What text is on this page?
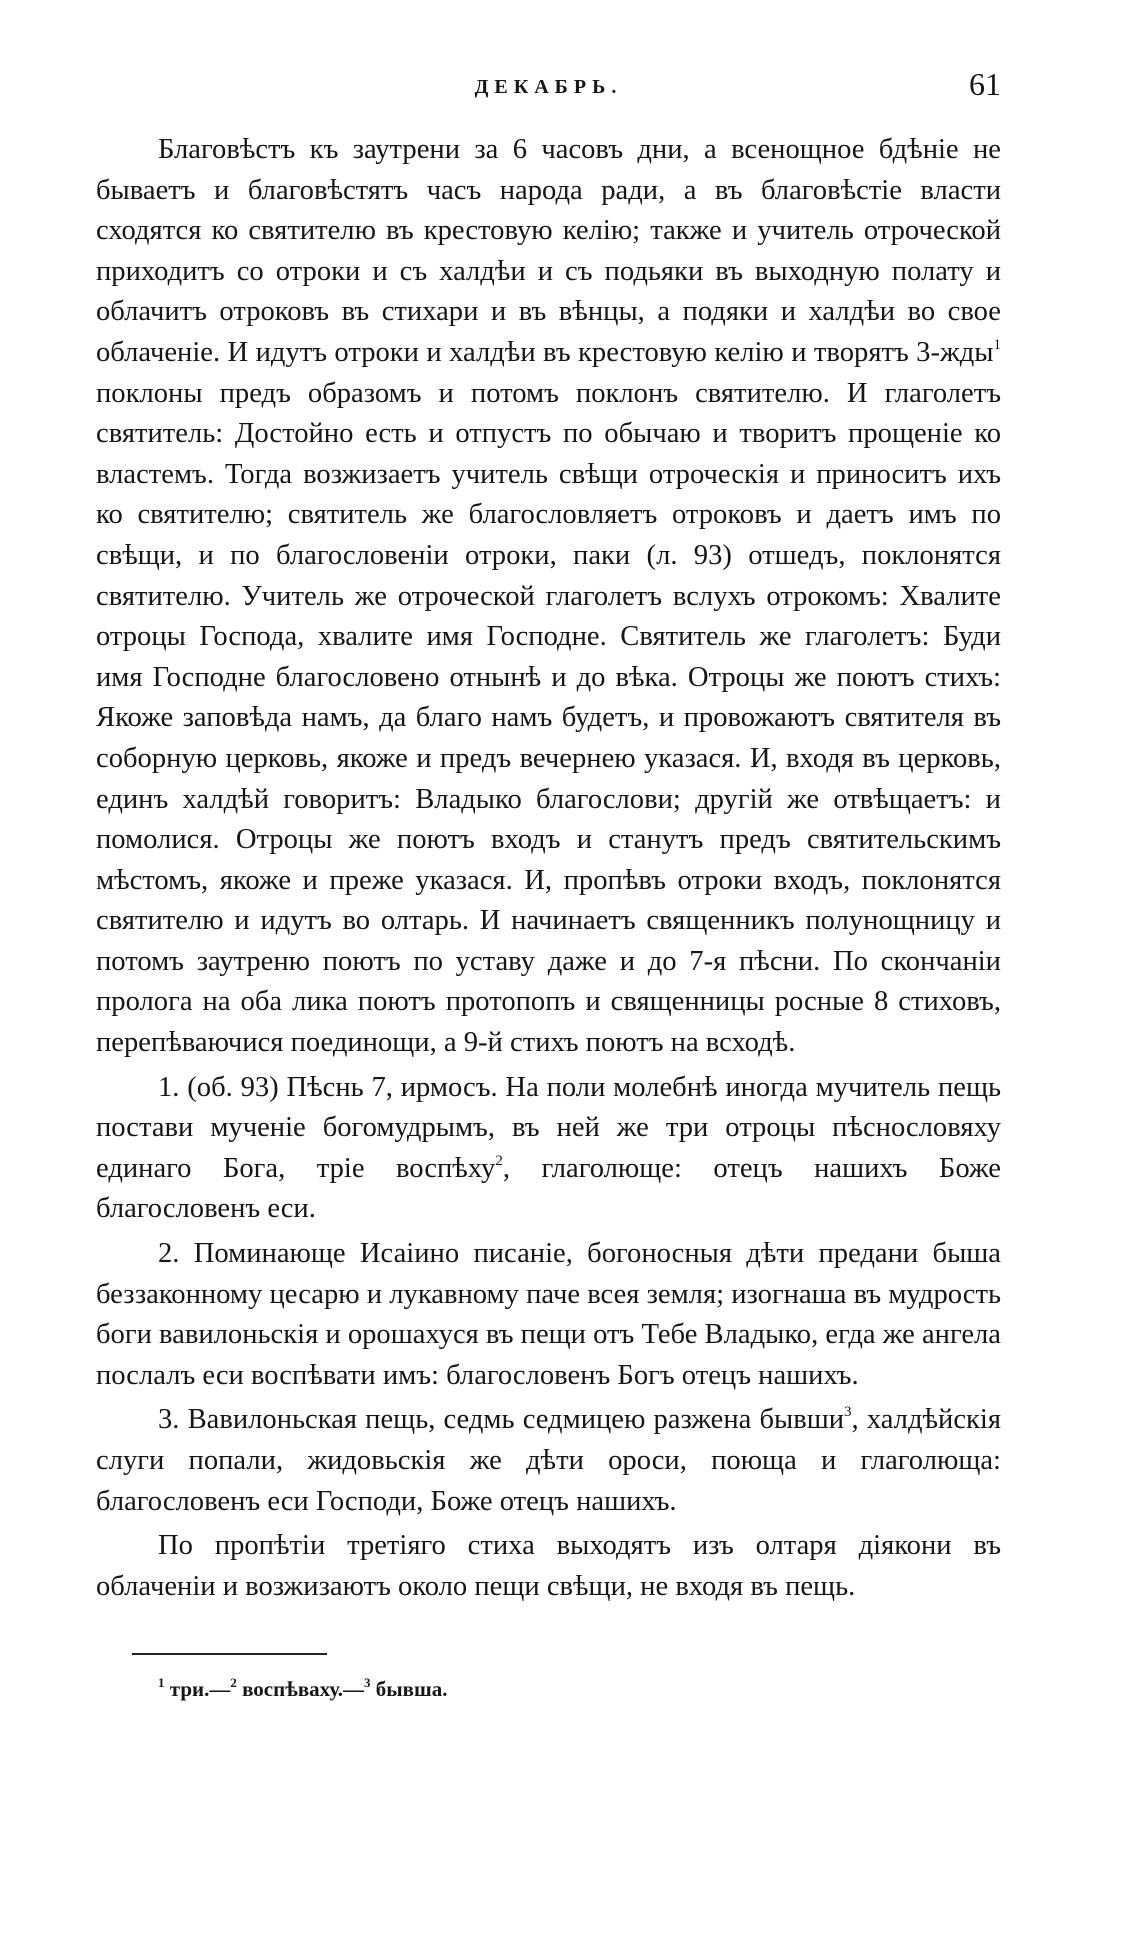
ДЕКАБРЬ.	61

Благовѣстъ къ заутрени за 6 часовъ дни, а всенощное бдѣніе не бываетъ и благовѣстятъ часъ народа ради, а въ благовѣстіе власти сходятся ко святителю въ крестовую келію; также и учитель отроческой приходитъ со отроки и съ халдѣи и съ подьяки въ выходную полату и облачитъ отроковъ въ стихари и въ вѣнцы, а подяки и халдѣи во свое облаченіе. И идутъ отроки и халдѣи въ крестовую келію и творятъ 3-жды$^1$ поклоны предъ образомъ и потомъ поклонъ святителю. И глаголетъ святитель: Достойно есть и отпустъ по обычаю и творитъ прощеніе ко властемъ. Тогда возжизаетъ учитель свѣщи отроческія и приноситъ ихъ ко святителю; святитель же благословляетъ отроковъ и даетъ имъ по свѣщи, и по благословеніи отроки, паки (л. 93) отшедъ, поклонятся святителю. Учитель же отроческой глаголетъ вслухъ отрокомъ: Хвалите отроцы Господа, хвалите имя Господне. Святитель же глаголетъ: Буди имя Господне благословено отнынѣ и до вѣка. Отроцы же поютъ стихъ: Якоже заповѣда намъ, да благо намъ будетъ, и провожаютъ святителя въ соборную церковь, якоже и предъ вечернею указася. И, входя въ церковь, единъ халдѣй говоритъ: Владыко благослови; другій же отвѣщаетъ: и помолися. Отроцы же поютъ входъ и станутъ предъ святительскимъ мѣстомъ, якоже и преже указася. И, пропѣвъ отроки входъ, поклонятся святителю и идутъ во олтарь. И начинаетъ священникъ полунощницу и потомъ заутреню поютъ по уставу даже и до 7-я пѣсни. По скончаніи пролога на оба лика поютъ протопопъ и священницы росные 8 стиховъ, перепѣваючися поединощи, а 9-й стихъ поютъ на всходѣ.

1. (об. 93) Пѣснь 7, ирмосъ. На поли молебнѣ иногда мучитель пещь постави мученіе богомудрымъ, въ ней же три отроцы пѣснословяху единаго Бога, тріе воспѣху$^2$, глаголюще: отецъ нашихъ Боже благословенъ еси.

2. Поминающе Исаіино писаніе, богоносныя дѣти предани быша беззаконному цесарю и лукавному паче всея земля; изогнаша въ мудрость боги вавилоньскія и орошахуся въ пещи отъ Тебе Владыко, егда же ангела послалъ еси воспѣвати имъ: благословенъ Богъ отецъ нашихъ.

3. Вавилоньская пещь, седмь седмицею разжена бывши$^3$, халдѣйскія слуги попали, жидовьскія же дѣти ороси, поюща и глаголюща: благословенъ еси Господи, Боже отецъ нашихъ.

По пропѣтіи третіяго стиха выходятъ изъ олтаря діякони въ облаченіи и возжизаютъ около пещи свѣщи, не входя въ пещь.

$^1$ три.—$^2$ воспѣваху.—$^3$ бывша.
